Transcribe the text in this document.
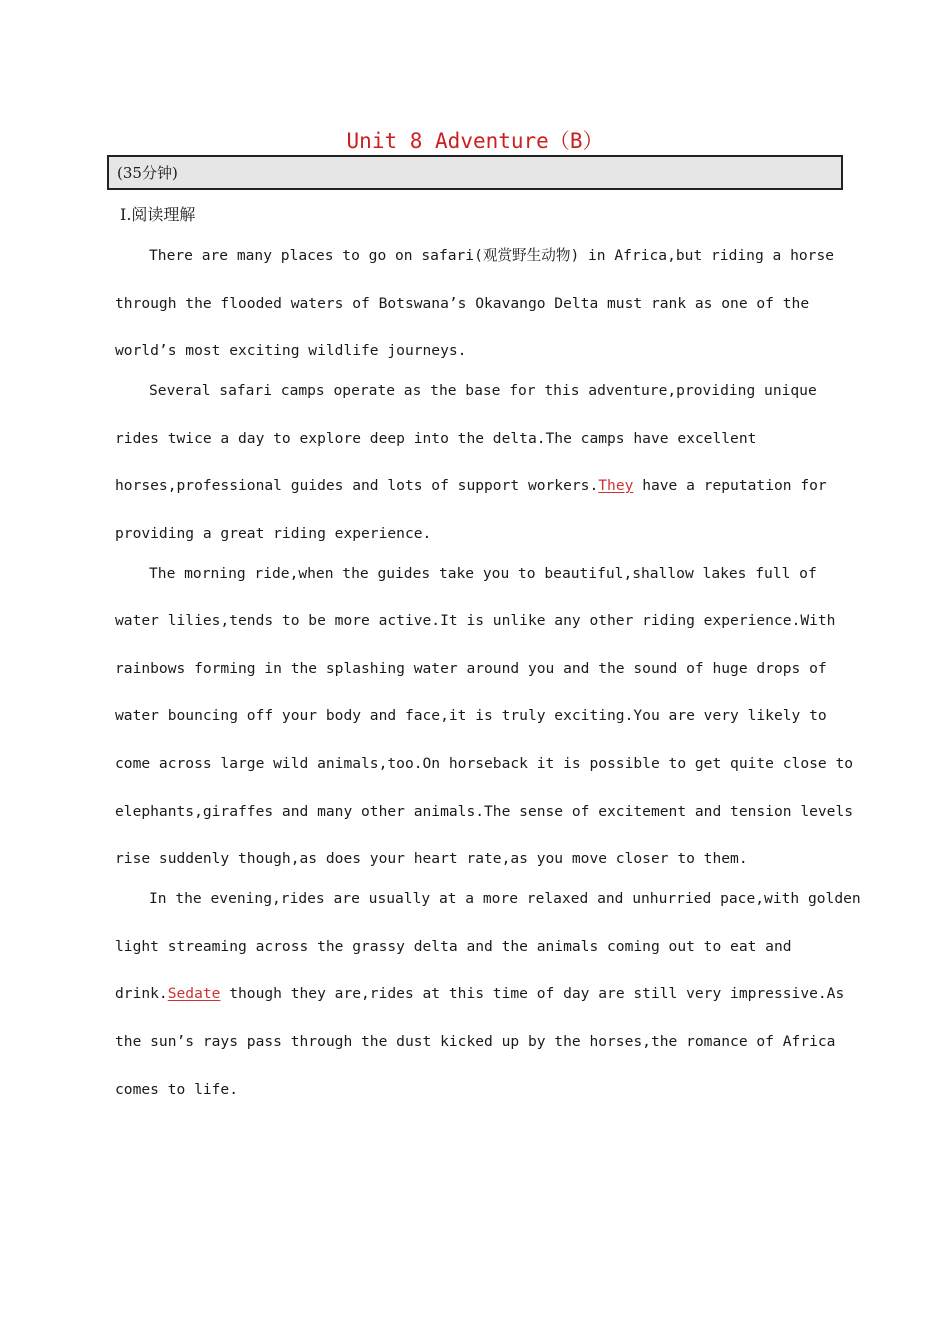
Unit 8 Adventure（B）
(35分钟)
Ⅰ.阅读理解
There are many places to go on safari(观赏野生动物) in Africa,but riding a horse
through the flooded waters of Botswana’s Okavango Delta must rank as one of the
world’s most exciting wildlife journeys.
Several safari camps operate as the base for this adventure,providing unique
rides twice a day to explore deep into the delta.The camps have excellent
horses,professional guides and lots of support workers.They have a reputation for
providing a great riding experience.
The morning ride,when the guides take you to beautiful,shallow lakes full of
water lilies,tends to be more active.It is unlike any other riding experience.With
rainbows forming in the splashing water around you and the sound of huge drops of
water bouncing off your body and face,it is truly exciting.You are very likely to
come across large wild animals,too.On horseback it is possible to get quite close to
elephants,giraffes and many other animals.The sense of excitement and tension levels
rise suddenly though,as does your heart rate,as you move closer to them.
In the evening,rides are usually at a more relaxed and unhurried pace,with golden
light streaming across the grassy delta and the animals coming out to eat and
drink.Sedate though they are,rides at this time of day are still very impressive.As
the sun’s rays pass through the dust kicked up by the horses,the romance of Africa
comes to life.
